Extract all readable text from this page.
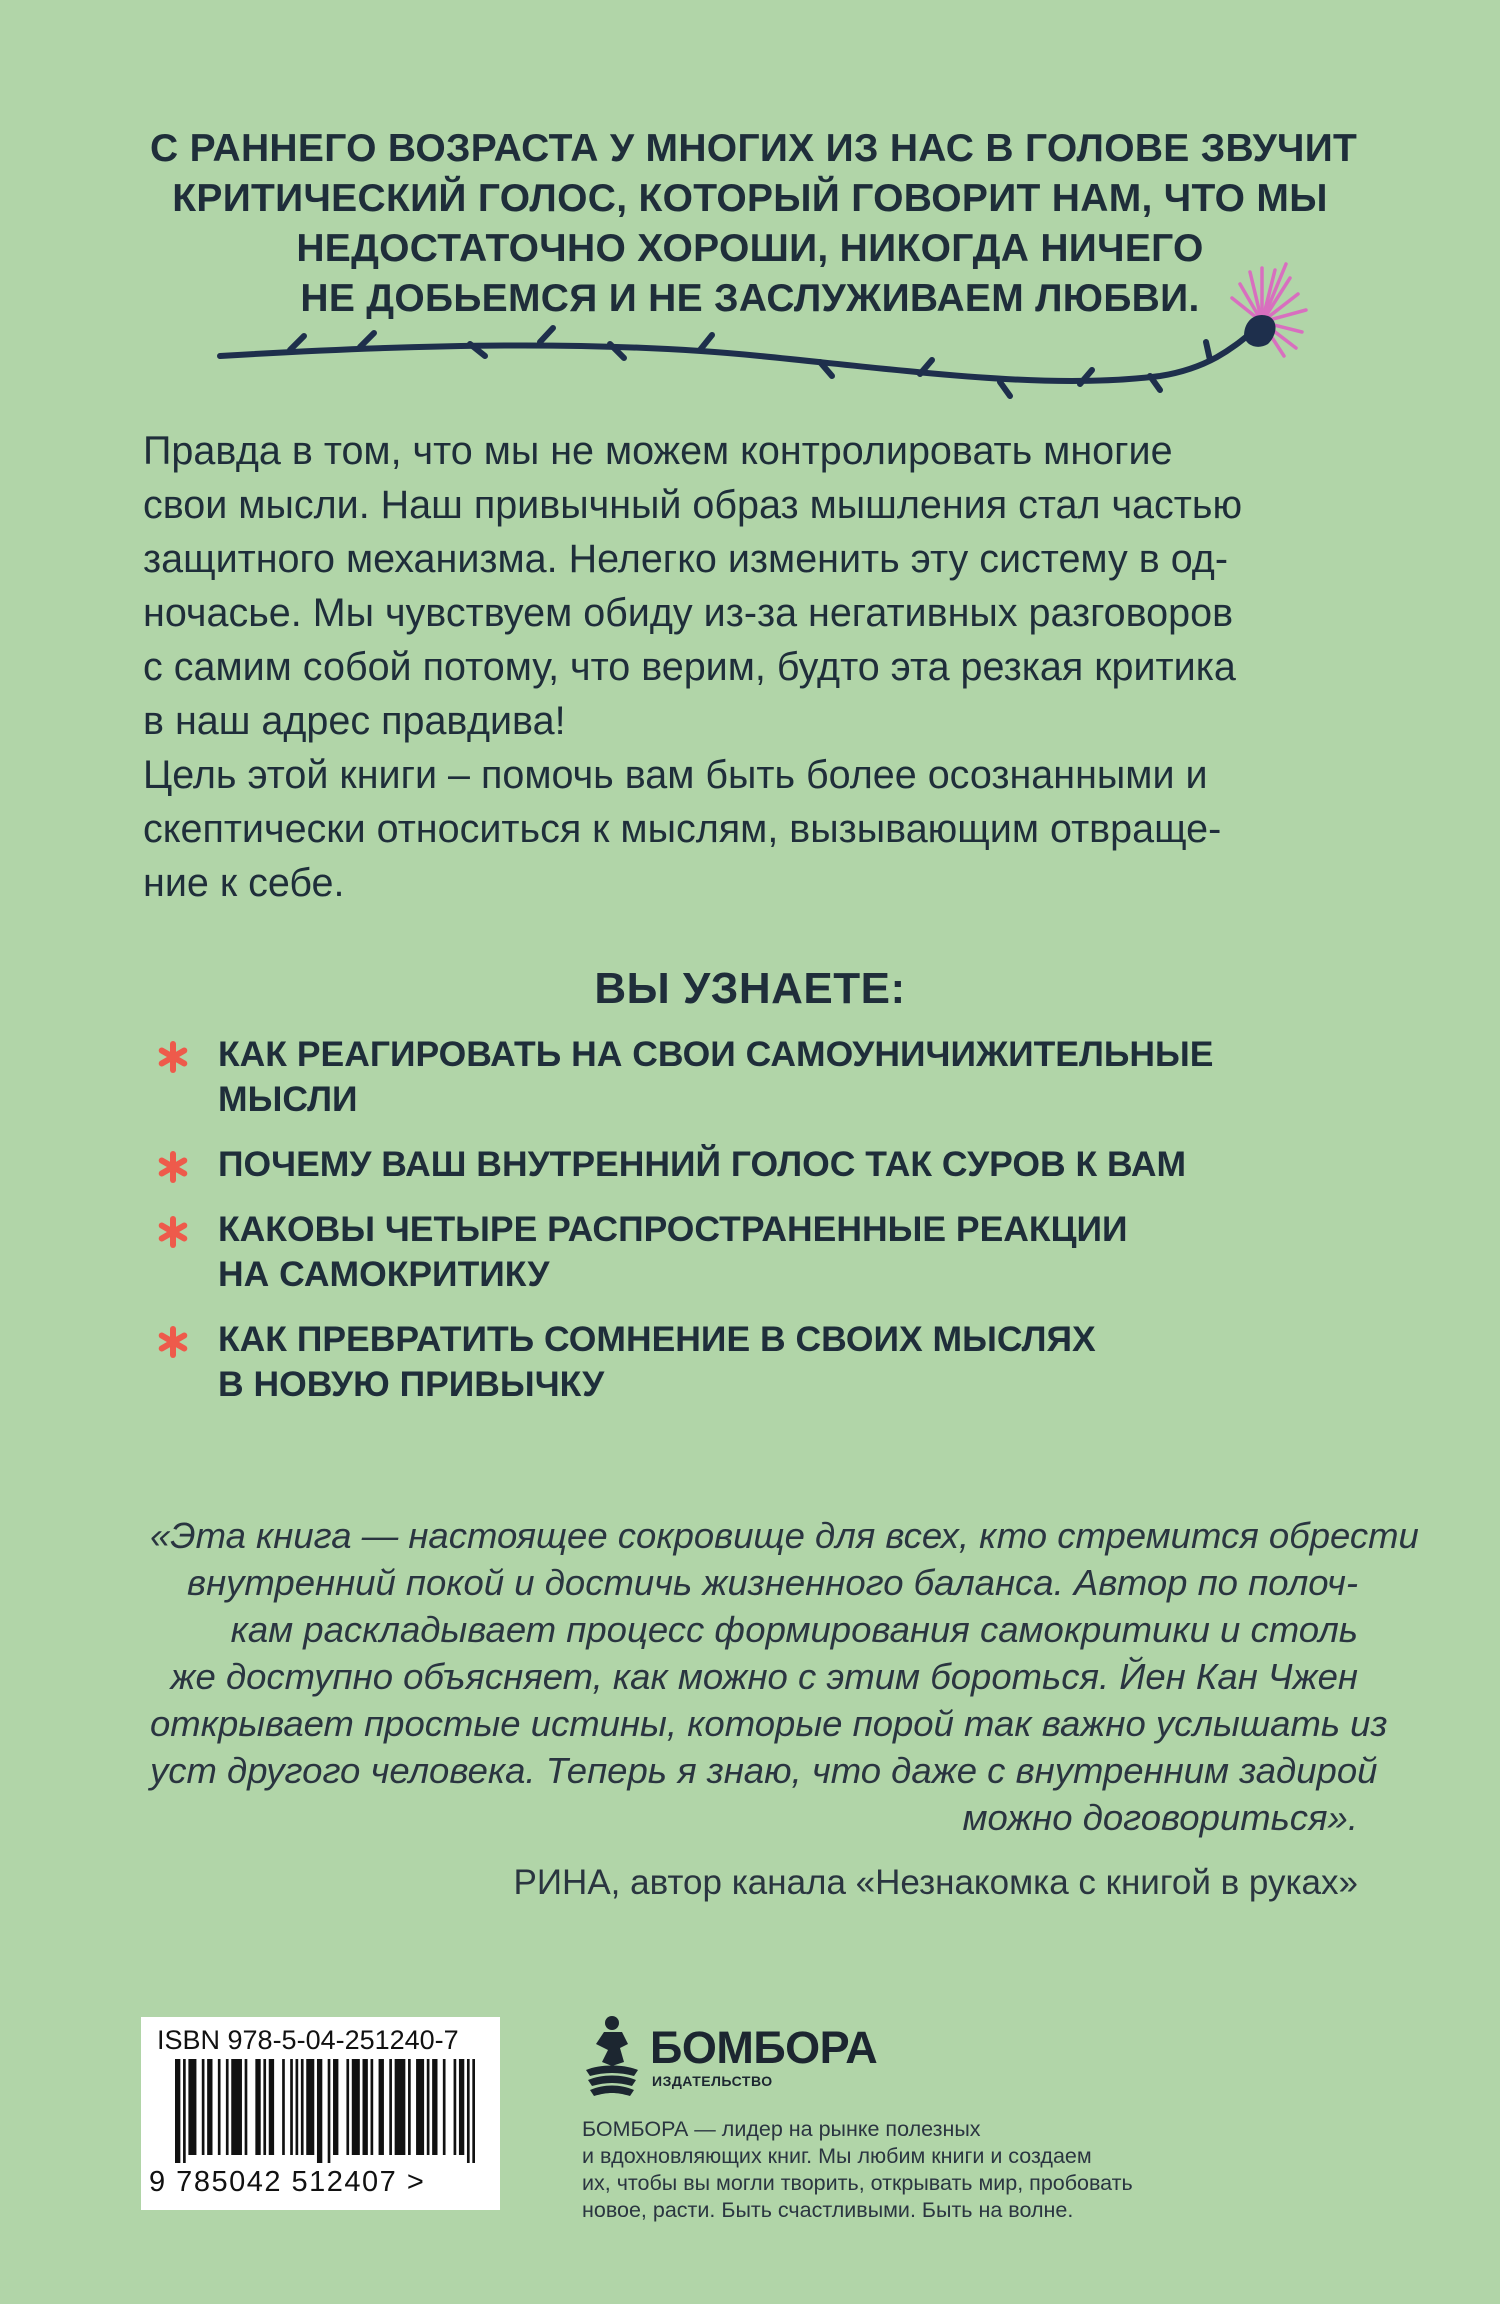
С РАННЕГО ВОЗРАСТА У МНОГИХ ИЗ НАС В ГОЛОВЕ ЗВУЧИТ
КРИТИЧЕСКИЙ ГОЛОС, КОТОРЫЙ ГОВОРИТ НАМ, ЧТО МЫ
НЕДОСТАТОЧНО ХОРОШИ, НИКОГДА НИЧЕГО
НЕ ДОБЬЕМСЯ И НЕ ЗАСЛУЖИВАЕМ ЛЮБВИ.
Правда в том, что мы не можем контролировать многие
свои мысли. Наш привычный образ мышления стал частью
защитного механизма. Нелегко изменить эту систему в од-
ночасье. Мы чувствуем обиду из-за негативных разговоров
с самим собой потому, что верим, будто эта резкая критика
в наш адрес правдива!
Цель этой книги – помочь вам быть более осознанными и
скептически относиться к мыслям, вызывающим отвраще-
ние к себе.
ВЫ УЗНАЕТЕ:
КАК РЕАГИРОВАТЬ НА СВОИ САМОУНИЧИЖИТЕЛЬНЫЕ
МЫСЛИ
ПОЧЕМУ ВАШ ВНУТРЕННИЙ ГОЛОС ТАК СУРОВ К ВАМ
КАКОВЫ ЧЕТЫРЕ РАСПРОСТРАНЕННЫЕ РЕАКЦИИ
НА САМОКРИТИКУ
КАК ПРЕВРАТИТЬ СОМНЕНИЕ В СВОИХ МЫСЛЯХ
В НОВУЮ ПРИВЫЧКУ
«Эта книга — настоящее сокровище для всех, кто стремится обрести
внутренний покой и достичь жизненного баланса. Автор по полоч-
кам раскладывает процесс формирования самокритики и столь
же доступно объясняет, как можно с этим бороться. Йен Кан Чжен
открывает простые истины, которые порой так важно услышать из
уст другого человека. Теперь я знаю, что даже с внутренним задирой
можно договориться».
РИНА, автор канала «Незнакомка с книгой в руках»
ISBN 978-5-04-251240-7
9 785042 512407 >
БОМБОРА
ИЗДАТЕЛЬСТВО
БОМБОРА — лидер на рынке полезных
и вдохновляющих книг. Мы любим книги и создаем
их, чтобы вы могли творить, открывать мир, пробовать
новое, расти. Быть счастливыми. Быть на волне.
